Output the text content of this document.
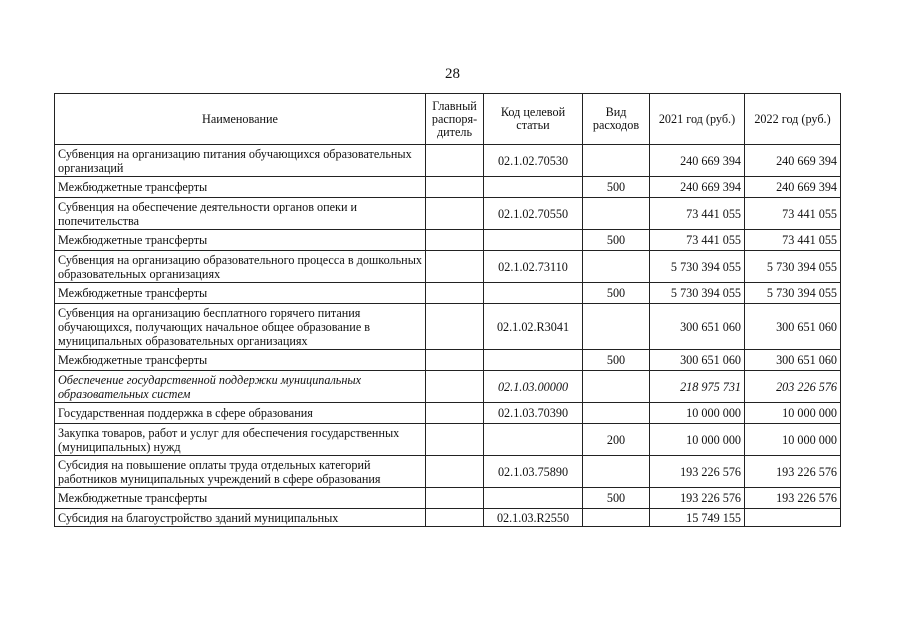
28
Наименование	Главный распоря-дитель	Код целевой статьи	Вид расходов	2021 год (руб.)	2022 год (руб.)
Субвенция на организацию питания обучающихся образовательных организаций		02.1.02.70530		240 669 394	240 669 394
Межбюджетные трансферты			500	240 669 394	240 669 394
Субвенция на обеспечение деятельности органов опеки и попечительства		02.1.02.70550		73 441 055	73 441 055
Межбюджетные трансферты			500	73 441 055	73 441 055
Субвенция на организацию образовательного процесса в дошкольных образовательных организациях		02.1.02.73110		5 730 394 055	5 730 394 055
Межбюджетные трансферты			500	5 730 394 055	5 730 394 055
Субвенция на организацию бесплатного горячего питания обучающихся, получающих начальное общее образование в муниципальных образовательных организациях		02.1.02.R3041		300 651 060	300 651 060
Межбюджетные трансферты			500	300 651 060	300 651 060
Обеспечение государственной поддержки муниципальных образовательных систем		02.1.03.00000		218 975 731	203 226 576
Государственная поддержка в сфере образования		02.1.03.70390		10 000 000	10 000 000
Закупка товаров, работ и услуг для обеспечения государственных (муниципальных) нужд			200	10 000 000	10 000 000
Субсидия на повышение оплаты труда отдельных категорий работников муниципальных учреждений в сфере образования		02.1.03.75890		193 226 576	193 226 576
Межбюджетные трансферты			500	193 226 576	193 226 576
Субсидия на благоустройство зданий муниципальных		02.1.03.R2550		15 749 155	
